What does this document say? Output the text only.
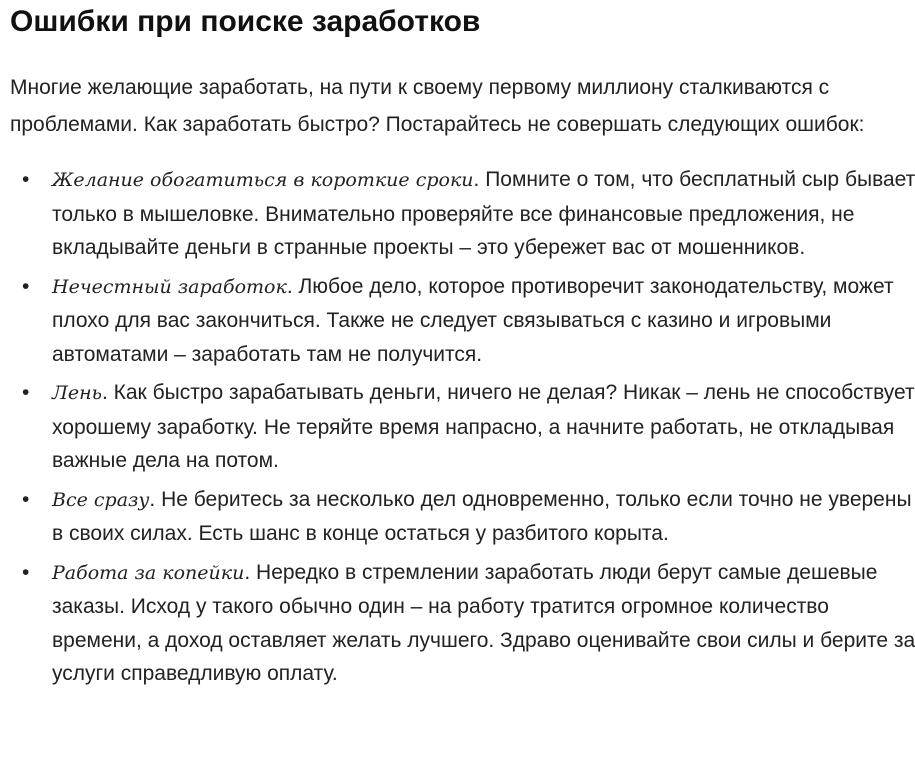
Ошибки при поиске заработков

Многие желающие заработать, на пути к своему первому миллиону сталкиваются с проблемами. Как заработать быстро? Постарайтесь не совершать следующих ошибок:

• Желание обогатиться в короткие сроки. Помните о том, что бесплатный сыр бывает только в мышеловке. Внимательно проверяйте все финансовые предложения, не вкладывайте деньги в странные проекты – это убережет вас от мошенников.
• Нечестный заработок. Любое дело, которое противоречит законодательству, может плохо для вас закончиться. Также не следует связываться с казино и игровыми автоматами – заработать там не получится.
• Лень. Как быстро зарабатывать деньги, ничего не делая? Никак – лень не способствует хорошему заработку. Не теряйте время напрасно, а начните работать, не откладывая важные дела на потом.
• Все сразу. Не беритесь за несколько дел одновременно, только если точно не уверены в своих силах. Есть шанс в конце остаться у разбитого корыта.
• Работа за копейки. Нередко в стремлении заработать люди берут самые дешевые заказы. Исход у такого обычно один – на работу тратится огромное количество времени, а доход оставляет желать лучшего. Здраво оценивайте свои силы и берите за услуги справедливую оплату.
